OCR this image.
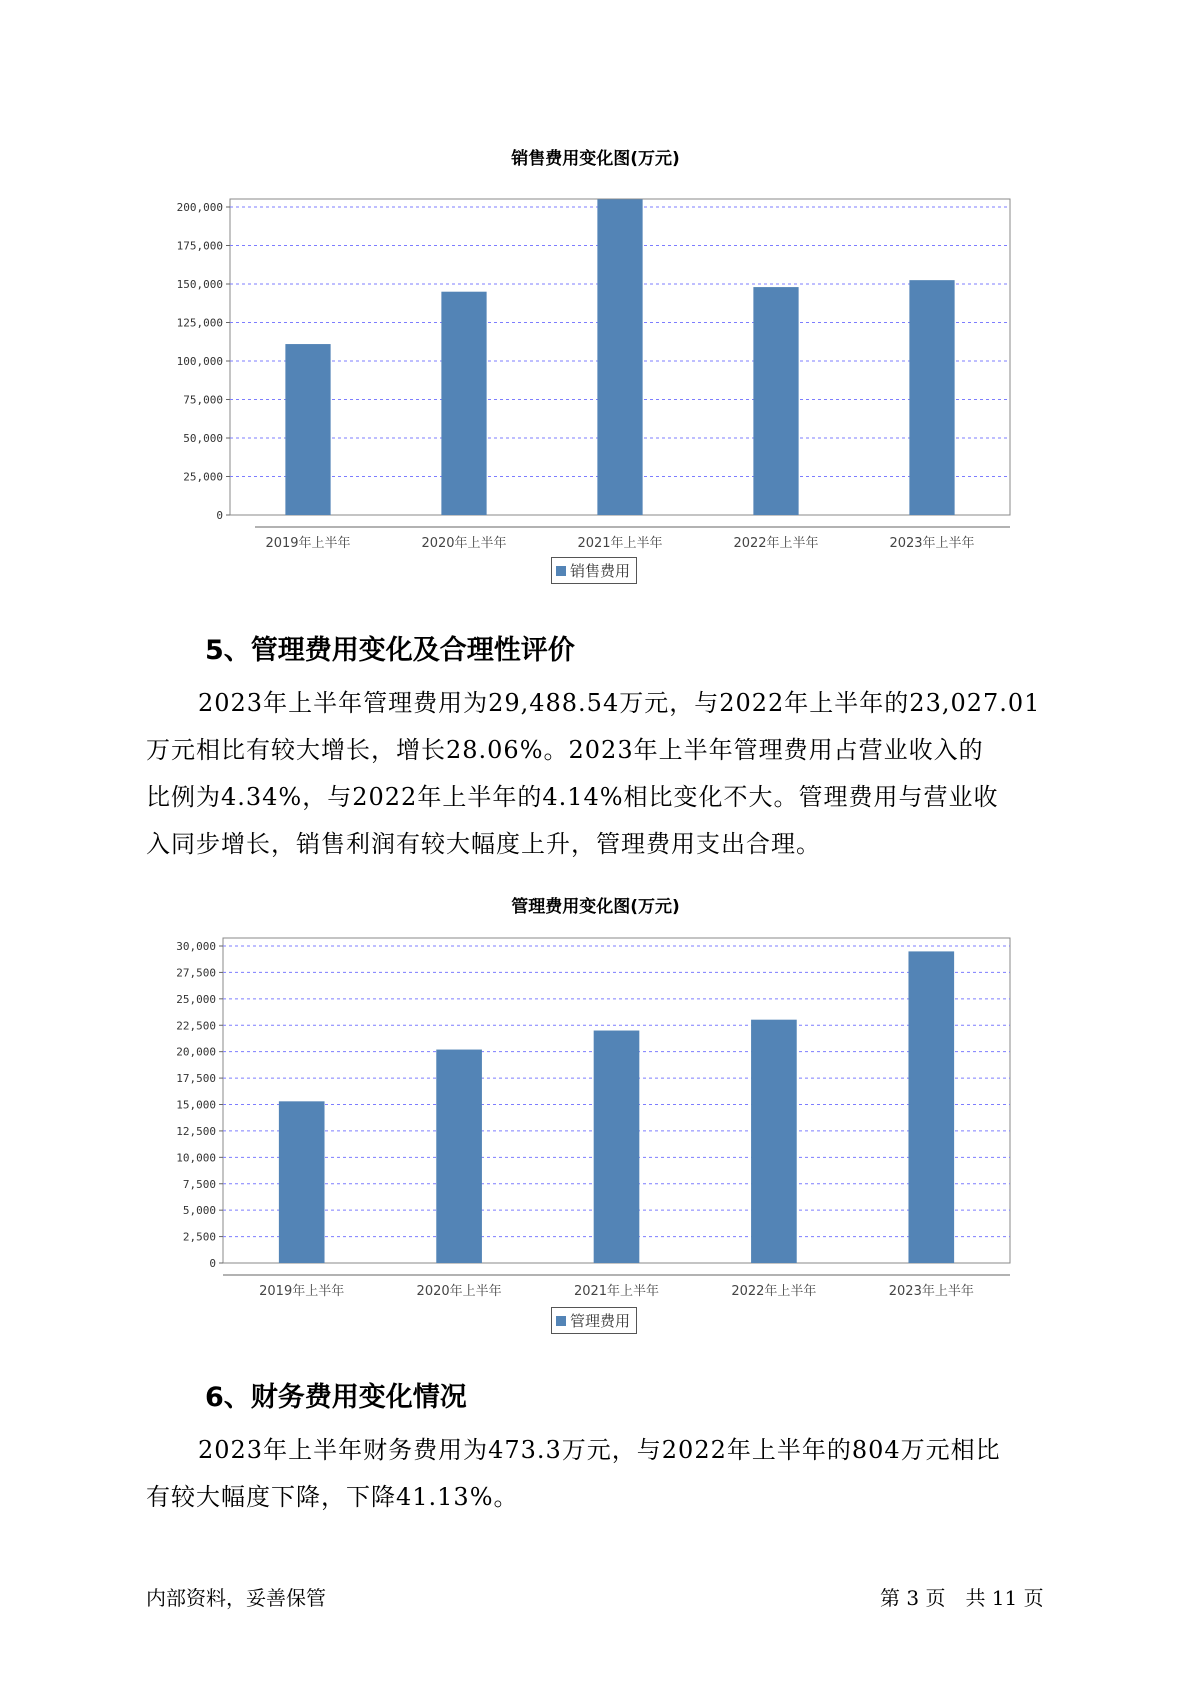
销售费用变化图(万元)
0
25,000
50,000
75,000
100,000
125,000
150,000
175,000
200,000
2019年上半年	2020年上半年	2021年上半年	2022年上半年	2023年上半年
销售费用
5、管理费用变化及合理性评价
2023年上半年管理费用为29,488.54万元，与2022年上半年的23,027.01
万元相比有较大增长，增长28.06%。2023年上半年管理费用占营业收入的
比例为4.34%，与2022年上半年的4.14%相比变化不大。管理费用与营业收
入同步增长，销售利润有较大幅度上升，管理费用支出合理。
管理费用变化图(万元)
0
2,500
5,000
7,500
10,000
12,500
15,000
17,500
20,000
22,500
25,000
27,500
30,000
2019年上半年	2020年上半年	2021年上半年	2022年上半年	2023年上半年
管理费用
6、财务费用变化情况
2023年上半年财务费用为473.3万元，与2022年上半年的804万元相比
有较大幅度下降，下降41.13%。
内部资料，妥善保管	第 3 页　共 11 页
